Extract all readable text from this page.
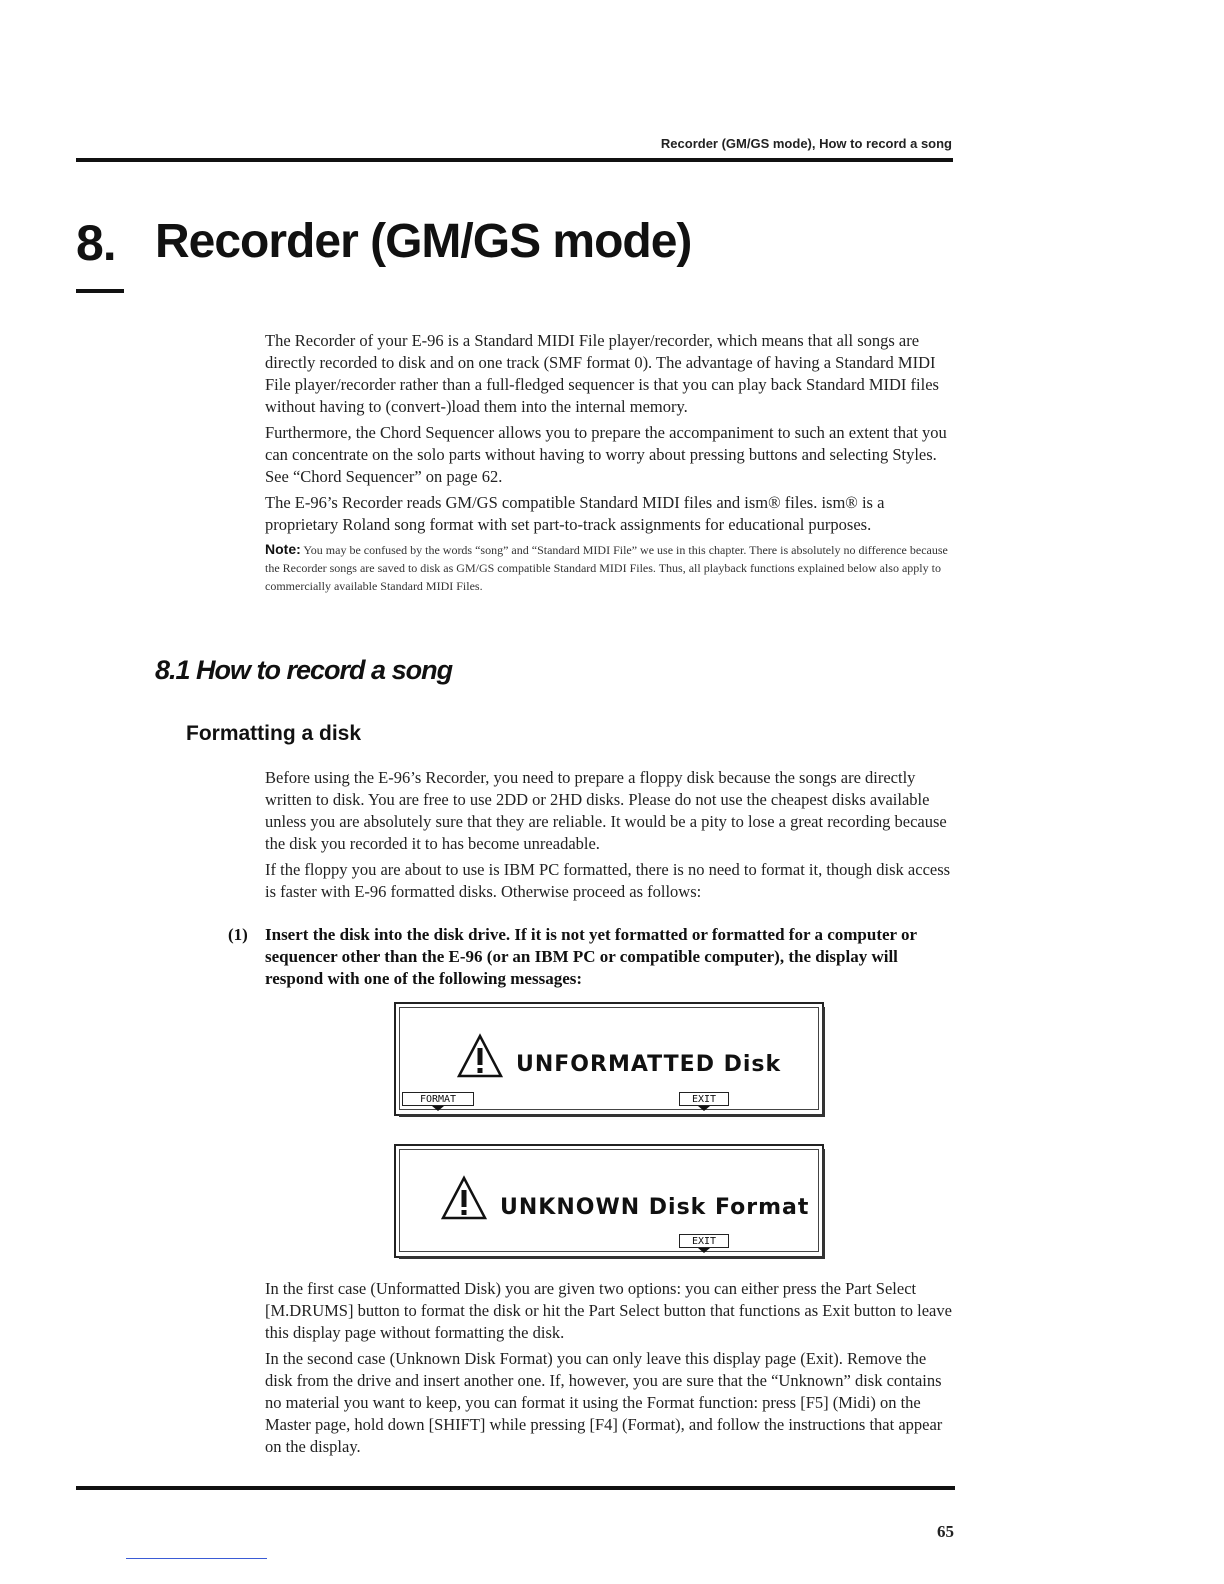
Recorder (GM/GS mode), How to record a song
8. Recorder (GM/GS mode)

The Recorder of your E-96 is a Standard MIDI File player/recorder, which means that all songs are directly recorded to disk and on one track (SMF format 0). The advantage of having a Standard MIDI File player/recorder rather than a full-fledged sequencer is that you can play back Standard MIDI files without having to (convert-)load them into the internal memory.

Furthermore, the Chord Sequencer allows you to prepare the accompaniment to such an extent that you can concentrate on the solo parts without having to worry about pressing buttons and selecting Styles. See “Chord Sequencer” on page 62.

The E-96’s Recorder reads GM/GS compatible Standard MIDI files and ism® files. ism® is a proprietary Roland song format with set part-to-track assignments for educational purposes.

Note: You may be confused by the words “song” and “Standard MIDI File” we use in this chapter. There is absolutely no difference because the Recorder songs are saved to disk as GM/GS compatible Standard MIDI Files. Thus, all playback functions explained below also apply to commercially available Standard MIDI Files.
8.1 How to record a song
Formatting a disk

Before using the E-96’s Recorder, you need to prepare a floppy disk because the songs are directly written to disk. You are free to use 2DD or 2HD disks. Please do not use the cheapest disks available unless you are absolutely sure that they are reliable. It would be a pity to lose a great recording because the disk you recorded it to has become unreadable.

If the floppy you are about to use is IBM PC formatted, there is no need to format it, though disk access is faster with E-96 formatted disks. Otherwise proceed as follows:

(1) Insert the disk into the disk drive. If it is not yet formatted or formatted for a computer or sequencer other than the E-96 (or an IBM PC or compatible computer), the display will respond with one of the following messages:
UNFORMATTED Disk
FORMAT	EXIT
UNKNOWN Disk Format
EXIT

In the first case (Unformatted Disk) you are given two options: you can either press the Part Select [M.DRUMS] button to format the disk or hit the Part Select button that functions as Exit button to leave this display page without formatting the disk.

In the second case (Unknown Disk Format) you can only leave this display page (Exit). Remove the disk from the drive and insert another one. If, however, you are sure that the “Unknown” disk contains no material you want to keep, you can format it using the Format function: press [F5] (Midi) on the Master page, hold down [SHIFT] while pressing [F4] (Format), and follow the instructions that appear on the display.

65
